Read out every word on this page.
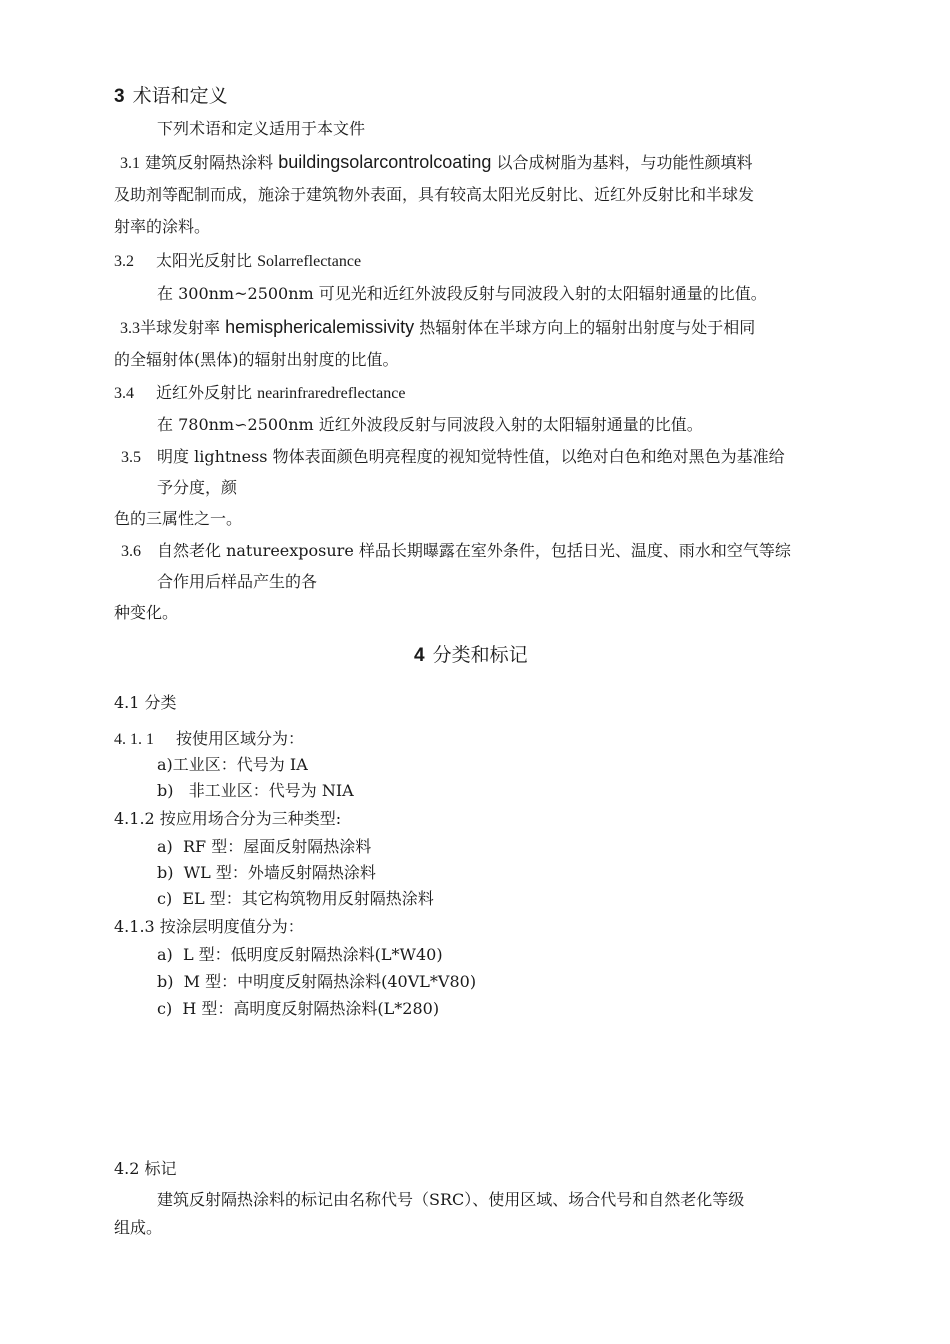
3 术语和定义
下列术语和定义适用于本文件
3.1 建筑反射隔热涂料 buildingsolarcontrolcoating 以合成树脂为基料，与功能性颜填料
及助剂等配制而成，施涂于建筑物外表面，具有较高太阳光反射比、近红外反射比和半球发
射率的涂料。
3.2 太阳光反射比 Solarreflectance
在 300nm~2500nm 可见光和近红外波段反射与同波段入射的太阳辐射通量的比值。
3.3半球发射率 hemisphericalemissivity 热辐射体在半球方向上的辐射出射度与处于相同
的全辐射体(黑体)的辐射出射度的比值。
3.4 近红外反射比 nearinfraredreflectance
在 780nm∽2500nm 近红外波段反射与同波段入射的太阳辐射通量的比值。
3.5 明度 lightness 物体表面颜色明亮程度的视知觉特性值，以绝对白色和绝对黑色为基准给
予分度，颜
色的三属性之一。
3.6 自然老化 natureexposure 样品长期曝露在室外条件，包括日光、温度、雨水和空气等综
合作用后样品产生的各
种变化。
4 分类和标记
4.1 分类
4. 1. 1 按使用区域分为：
a)工业区：代号为 IA
b)   非工业区：代号为 NIA
4.1.2 按应用场合分为三种类型:
a)  RF 型：屋面反射隔热涂料
b)  WL 型：外墙反射隔热涂料
c)  EL 型：其它构筑物用反射隔热涂料
4.1.3 按涂层明度值分为：
a)  L 型：低明度反射隔热涂料(L*W40)
b)  M 型：中明度反射隔热涂料(40VL*V80)
c)  H 型：高明度反射隔热涂料(L*280)
4.2 标记
建筑反射隔热涂料的标记由名称代号（SRC）、使用区域、场合代号和自然老化等级
组成。
